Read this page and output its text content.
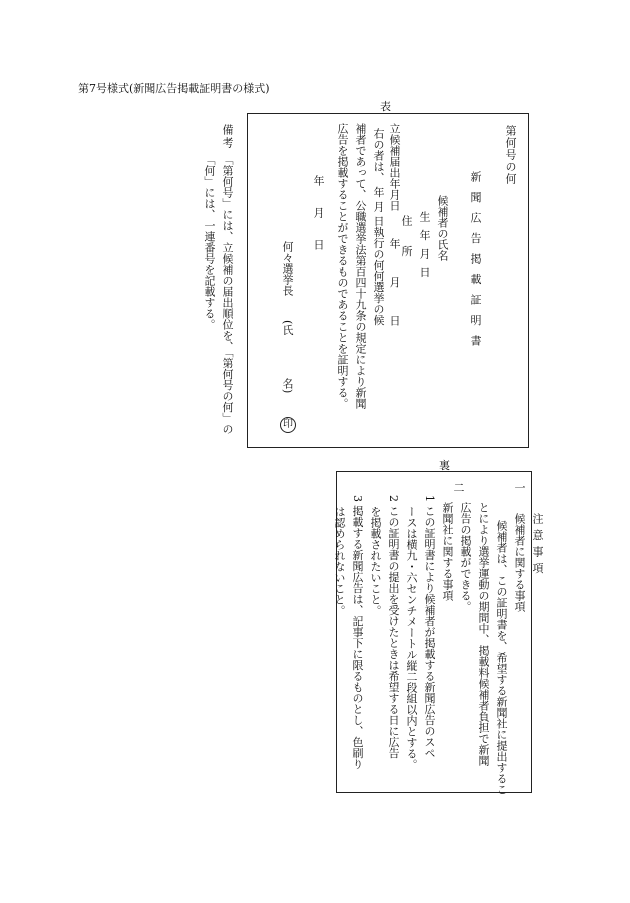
第7号様式(新聞広告掲載証明書の様式)
表
第何号の何
新 聞 広 告 掲 載 証 明 書
候補者の氏名
生 年 月 日
住 所
立候補届出年月日
年 月 日
右の者は、 年 月 日執行の何何選挙の候
補者であって、公職選挙法第百四十九条の規定により新聞
広告を掲載することができるものであることを証明する。
年
月
日
何々選挙長
(氏
名)
印
備考
「第何号」には、立候補の届出順位を、「第何号の何」の
「何」には、一連番号を記載する。
裏
一
注 意 事 項
候補者に関する事項
候補者は、この証明書を、希望する新聞社に提出するこ
とにより選挙運動の期間中、掲載料候補者負担で新聞
広告の掲載ができる。
二
新聞社に関する事項
1 この証明書により候補者が掲載する新聞広告のスペ
ースは横九・六センチメートル縦二段組以内とする。
2 この証明書の提出を受けたときは希望する日に広告
を掲載されたいこと。
3 掲載する新聞広告は、記事下に限るものとし、色刷り
は認められないこと。
